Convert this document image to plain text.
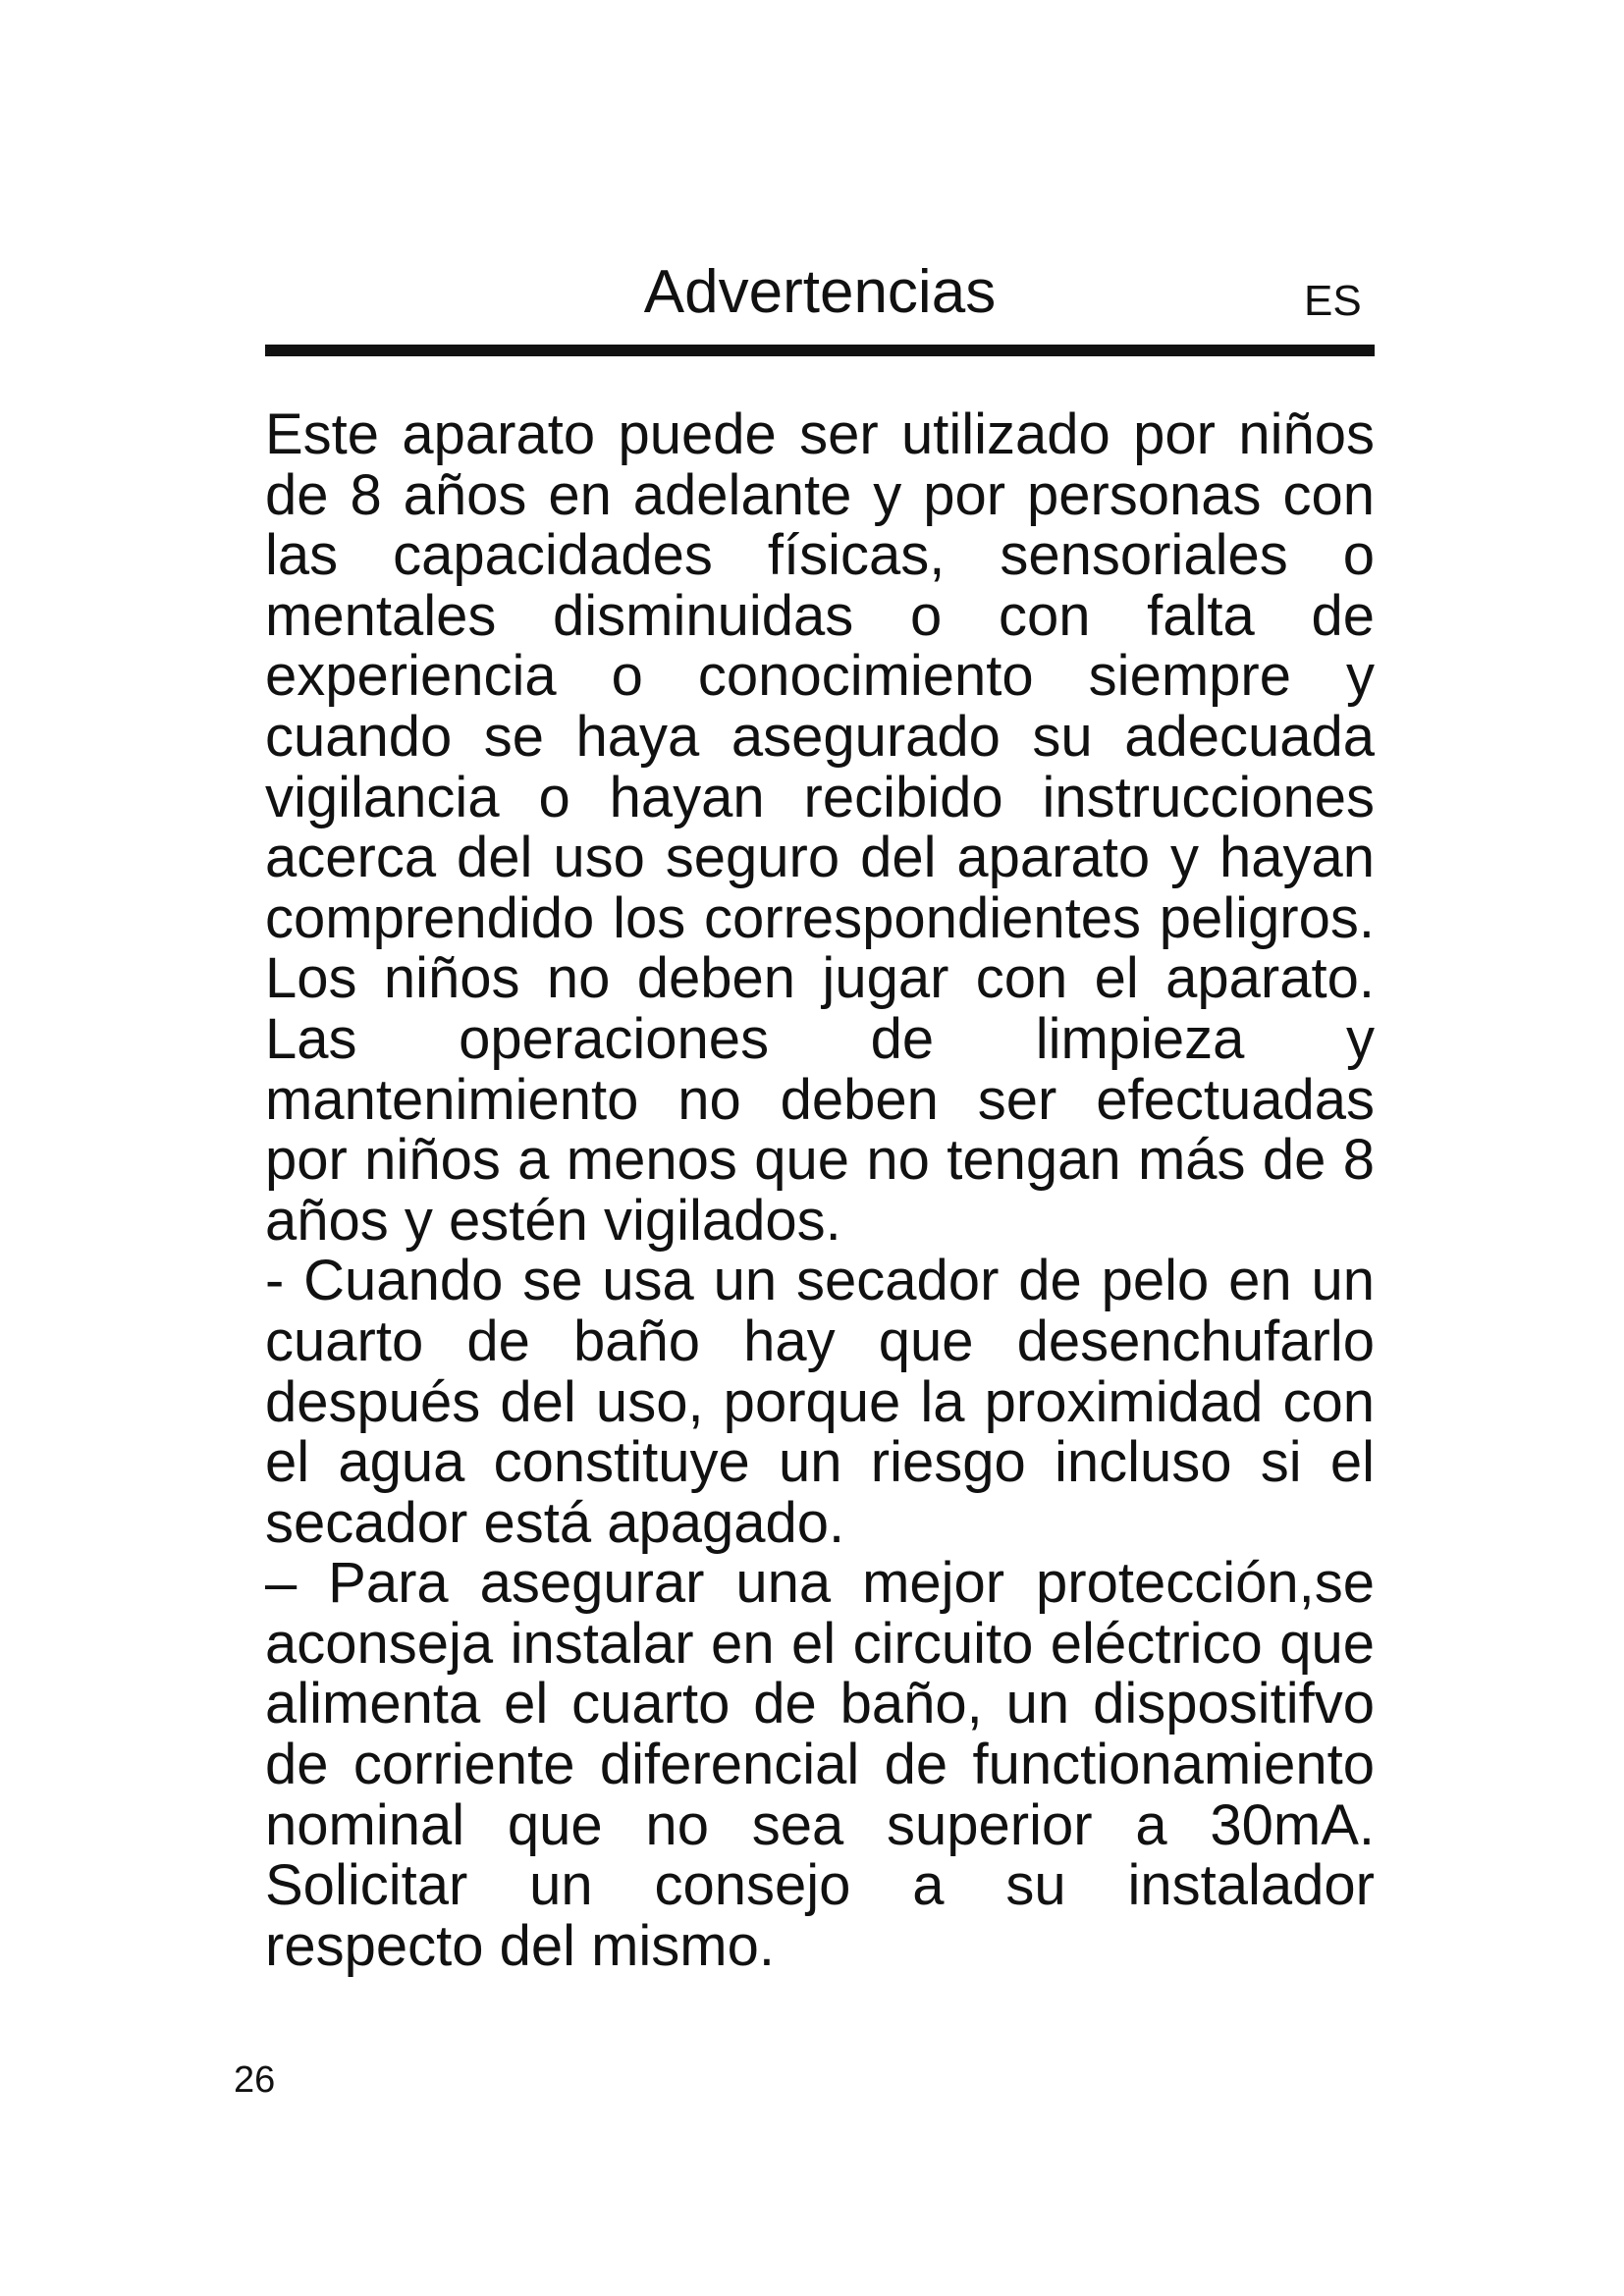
Advertencias	ES

Este aparato puede ser utilizado por niños de 8 años en adelante y por personas con las capacidades físicas, sensoriales o mentales disminuidas o con falta de experiencia o conocimiento siempre y cuando se haya asegurado su adecuada vigilancia o hayan recibido instrucciones acerca del uso seguro del aparato y hayan comprendido los correspondientes peligros. Los niños no deben jugar con el aparato. Las operaciones de limpieza y mantenimiento no deben ser efectuadas por niños a menos que no tengan más de 8 años y estén vigilados.

- Cuando se usa un secador de pelo en un cuarto de baño hay que desenchufarlo después del uso, porque la proximidad con el agua constituye un riesgo incluso si el secador está apagado.

– Para asegurar una mejor protección,se aconseja instalar en el circuito eléctrico que alimenta el cuarto de baño, un dispositifvo de corriente diferencial de functionamiento nominal que no sea superior a 30mA. Solicitar un consejo a su instalador respecto del mismo.

26
